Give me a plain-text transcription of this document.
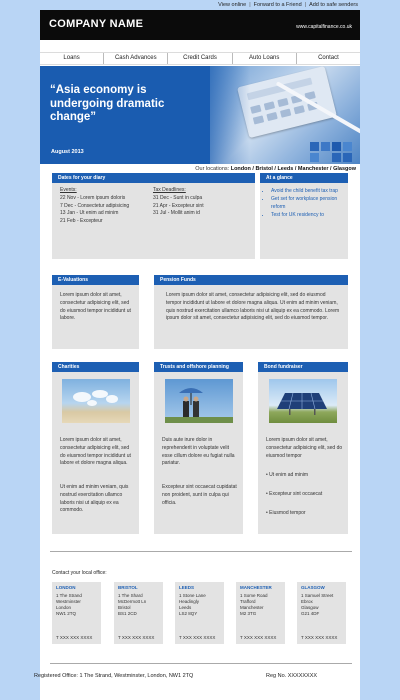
View online | Forward to a Friend | Add to safe senders
COMPANY NAME	www.capitalfinance.co.uk
Loans	Cash Advances	Credit Cards	Auto Loans	Contact
“Asia economy is undergoing dramatic change”
August 2013
Our locations: London / Bristol / Leeds / Manchester / Glasgow
Dates for your diary
Events:
22 Nov - Lorem ipsum doloris
7 Dec - Consectetur adipisicing
13 Jan - Ut enim ad minim
21 Feb - Excepteur
Tax Deadlines:
31 Dec - Sunt in culpa
21 Apr - Excepteur sint
31 Jul - Mollit anim id
At a glance
• Avoid the child benefit tax trap
• Get set for workplace pension reform
• Test for UK residency to
E-Valuations
Lorem ipsum dolor sit amet, consectetur adipisicing elit, sed do eiusmod tempor incididunt ut labore.
Pension Funds
Lorem ipsum dolor sit amet, consectetur adipisicing elit, sed do eiusmod tempor incididunt ut labore et dolore magna aliqua. Ut enim ad minim veniam, quis nostrud exercitation ullamco laboris nisi ut aliquip ex ea commodo. Lorem ipsum dolor sit amet, consectetur adipisicing elit, sed do eiusmod tempor.
Charities
Lorem ipsum dolor sit amet, consectetur adipisicing elit, sed do eiusmod tempor incididunt ut labore et dolore magna aliqua.
Ut enim ad minim veniam, quis nostrud exercitation ullamco laboris nisi ut aliquip ex ea commodo.
Trusts and offshore planning
Duis aute irure dolor in reprehenderit in voluptate velit esse cillum dolore eu fugiat nulla pariatur.
Excepteur sint occaecat cupidatat non proident, sunt in culpa qui officia.
Bond fundraiser
Lorem ipsum dolor sit amet, consectetur adipisicing elit, sed do eiusmod tempor
• Ut enim ad minim
• Excepteur sint occaecat
• Eiusmod tempor
Contact your local office:
LONDON
1 The Strand
Westminster
London
NW1 2TQ
T XXX XXX XXXX
BRISTOL
1 The Shard
McDermott Ln
Bristol
BS1 2CD
T XXX XXX XXXX
LEEDS
1 Stone Lane
Headingly
Leeds
LS2 8QY
T XXX XXX XXXX
MANCHESTER
1 Some Road
Trafford
Manchester
M2 3TG
T XXX XXX XXXX
GLASGOW
1 Samuel Street
Ebrox
Glasgow
G21 4DF
T XXX XXX XXXX
Registered Office: 1 The Strand, Westminster, London, NW1 2TQ	Reg No. XXXXXXXX
